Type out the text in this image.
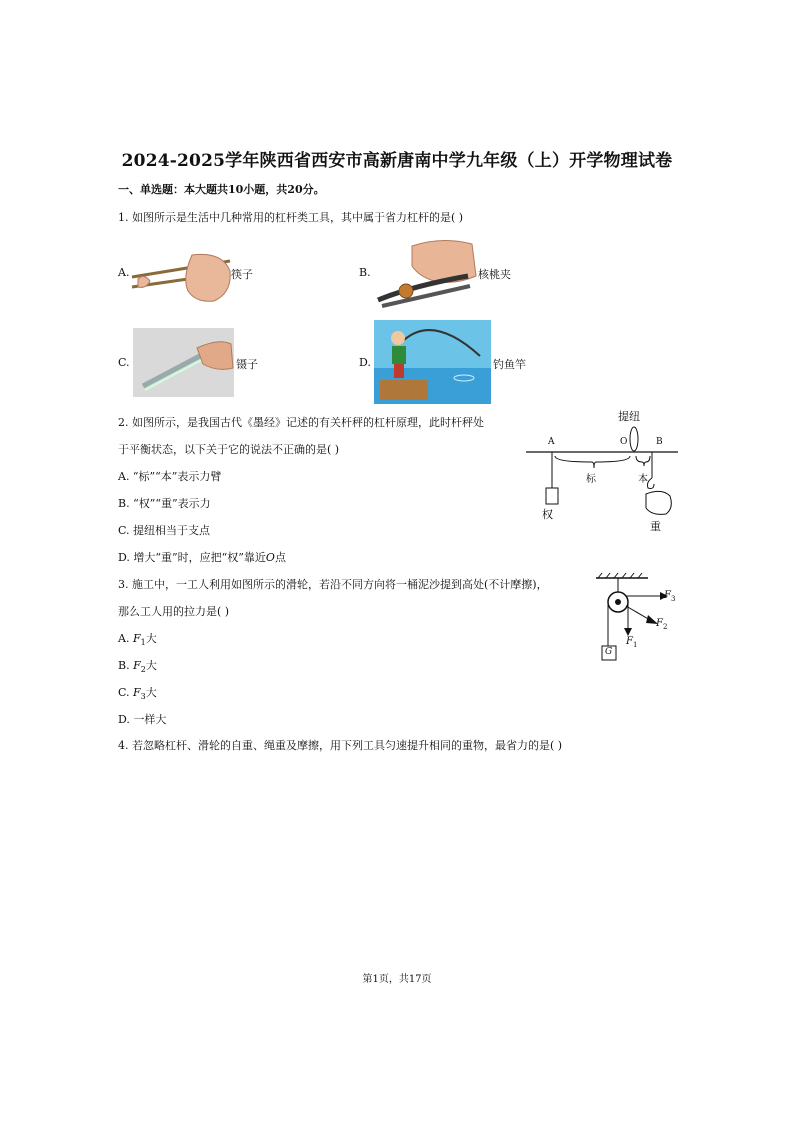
2024-2025学年陕西省西安市高新唐南中学九年级（上）开学物理试卷
一、单选题：本大题共10小题，共20分。
1. 如图所示是生活中几种常用的杠杆类工具，其中属于省力杠杆的是( )
A.	筷子	B.	核桃夹
C.	镊子	D.	钓鱼竿
2. 如图所示，是我国古代《墨经》记述的有关杆秤的杠杆原理，此时杆秤处
于平衡状态，以下关于它的说法不正确的是( )
A. “标”“本”表示力臂
B. “权”“重”表示力
C. 提纽相当于支点
D. 增大“重”时，应把“权”靠近O点
提纽
A	O	B
标	本
权
重
3. 施工中，一工人利用如图所示的滑轮，若沿不同方向将一桶泥沙提到高处(不计摩擦)，
那么工人用的拉力是( )
A. $F_1$大
B. $F_2$大
C. $F_3$大
D. 一样大
$F_3$
$F_2$
$F_1$
G
4. 若忽略杠杆、滑轮的自重、绳重及摩擦，用下列工具匀速提升相同的重物，最省力的是( )
第1页，共17页
